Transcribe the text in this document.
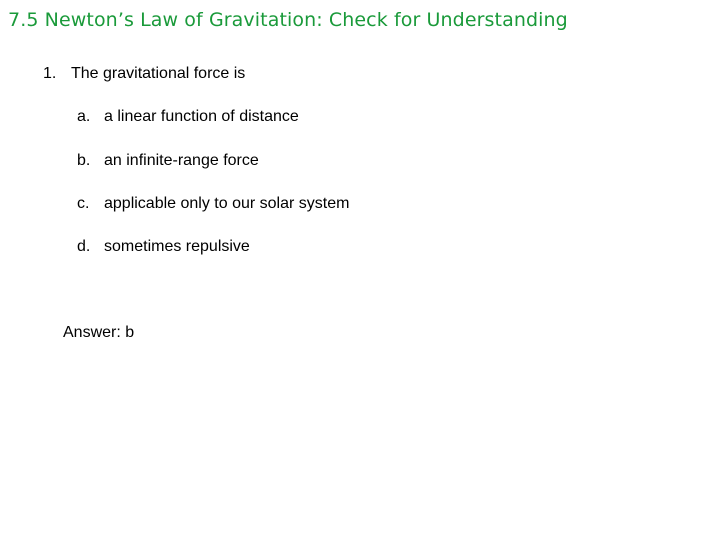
7.5 Newton’s Law of Gravitation: Check for Understanding
1. The gravitational force is
a. a linear function of distance
b. an infinite-range force
c. applicable only to our solar system
d. sometimes repulsive
Answer: b
